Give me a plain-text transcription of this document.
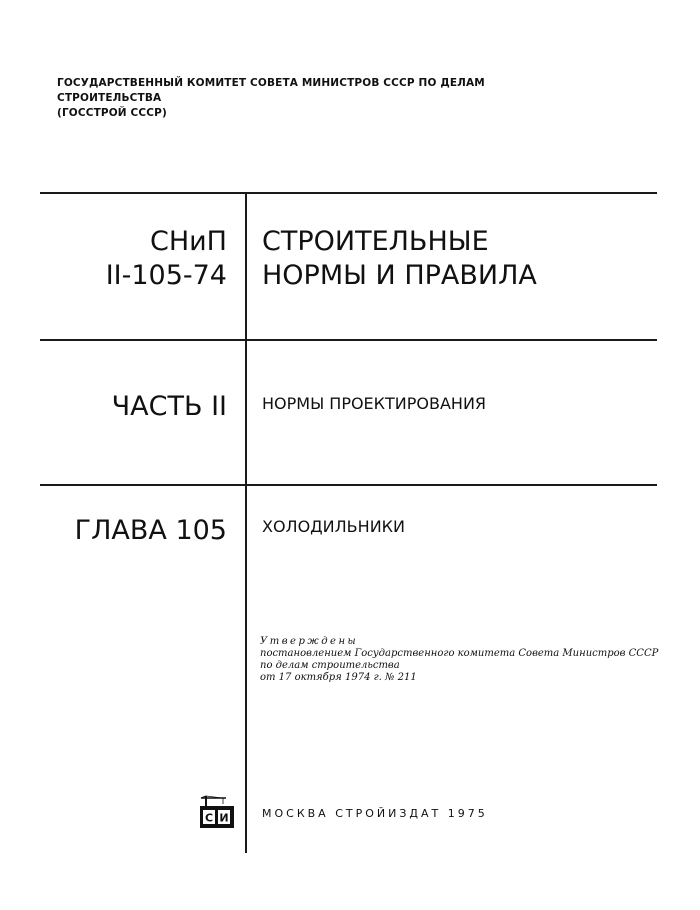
ГОСУДАРСТВЕННЫЙ КОМИТЕТ СОВЕТА МИНИСТРОВ СССР ПО ДЕЛАМ СТРОИТЕЛЬСТВА
(ГОССТРОЙ СССР)
СНиП
II-105-74
СТРОИТЕЛЬНЫЕ
НОРМЫ И ПРАВИЛА
ЧАСТЬ II НОРМЫ ПРОЕКТИРОВАНИЯ
ГЛАВА 105 ХОЛОДИЛЬНИКИ
Утверждены
постановлением Государственного комитета Совета Министров СССР
по делам строительства
от 17 октября 1974 г. № 211
С И	МОСКВА СТРОЙИЗДАТ 1975
